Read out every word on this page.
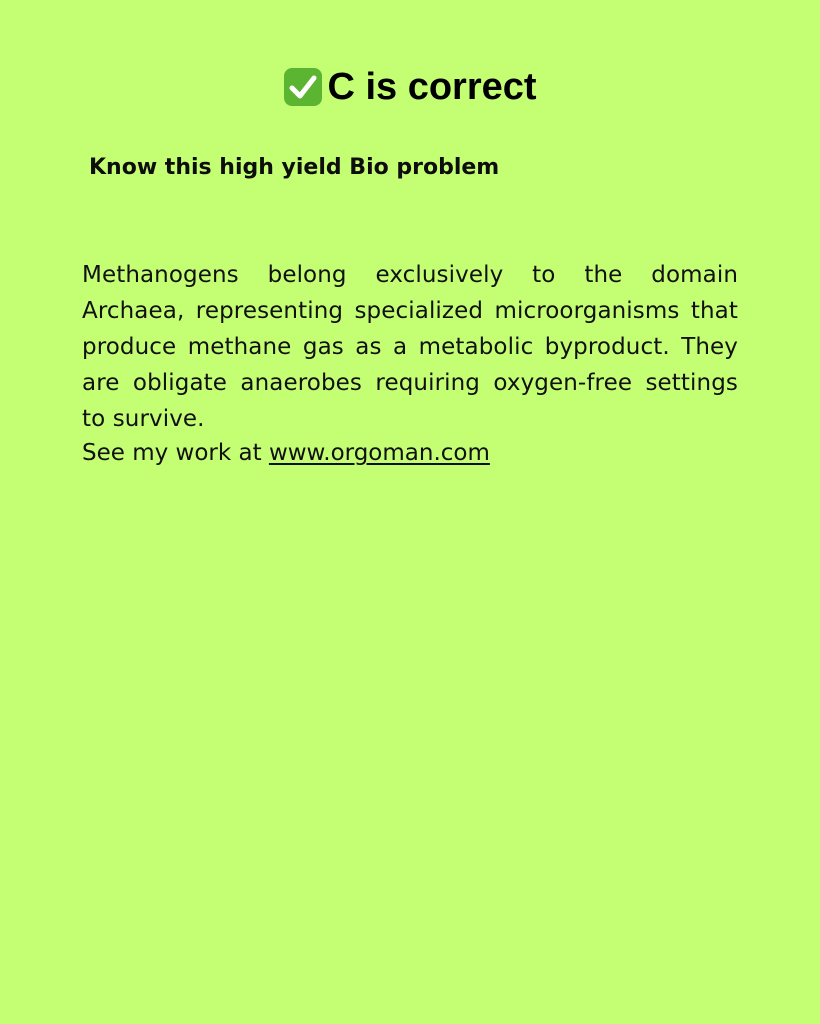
C is correct
Know this high yield Bio problem
Methanogens belong exclusively to the domain Archaea, representing specialized microorganisms that produce methane gas as a metabolic byproduct. They are obligate anaerobes requiring oxygen-free settings to survive.
See my work at www.orgoman.com
